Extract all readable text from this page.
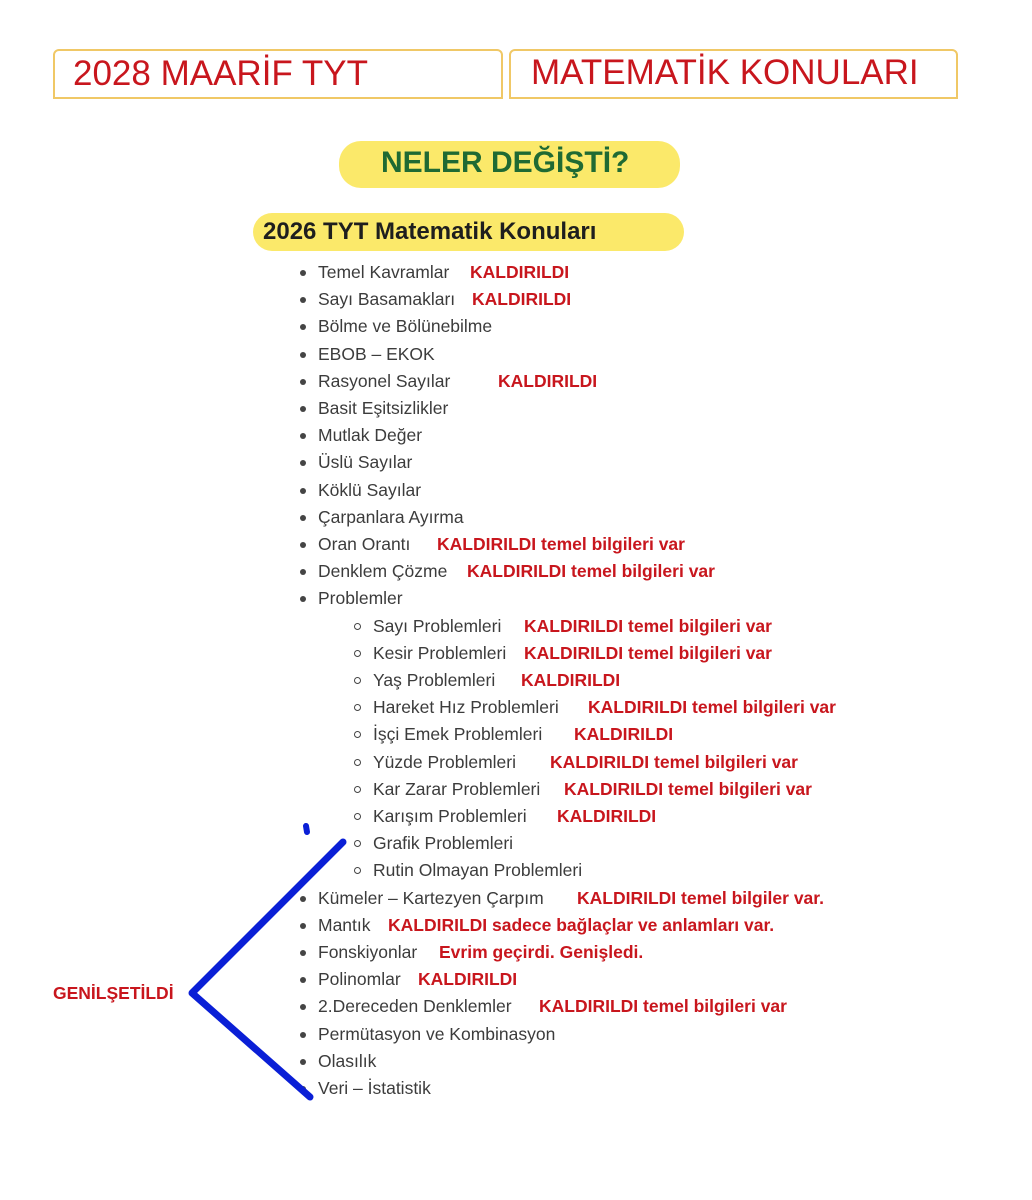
2028 MAARİF TYT	MATEMATİK KONULARI
NELER DEĞİŞTİ?
2026 TYT Matematik Konuları
Temel Kavramlar KALDIRILDI
Sayı Basamakları KALDIRILDI
Bölme ve Bölünebilme
EBOB – EKOK
Rasyonel Sayılar	KALDIRILDI
Basit Eşitsizlikler
Mutlak Değer
Üslü Sayılar
Köklü Sayılar
Çarpanlara Ayırma
Oran Orantı KALDIRILDI temel bilgileri var
Denklem Çözme KALDIRILDI temel bilgileri var
Problemler
Sayı Problemleri KALDIRILDI temel bilgileri var
Kesir Problemleri KALDIRILDI temel bilgileri var
Yaş Problemleri KALDIRILDI
Hareket Hız Problemleri KALDIRILDI temel bilgileri var
İşçi Emek Problemleri KALDIRILDI
Yüzde Problemleri KALDIRILDI temel bilgileri var
Kar Zarar Problemleri KALDIRILDI temel bilgileri var
Karışım Problemleri KALDIRILDI
Grafik Problemleri
Rutin Olmayan Problemleri
Kümeler – Kartezyen Çarpım KALDIRILDI temel bilgiler var.
Mantık KALDIRILDI sadece bağlaçlar ve anlamları var.
Fonskiyonlar Evrim geçirdi. Genişledi.
Polinomlar KALDIRILDI
2.Dereceden Denklemler KALDIRILDI temel bilgileri var
Permütasyon ve Kombinasyon
Olasılık
Veri – İstatistik
GENİLŞETİLDİ
